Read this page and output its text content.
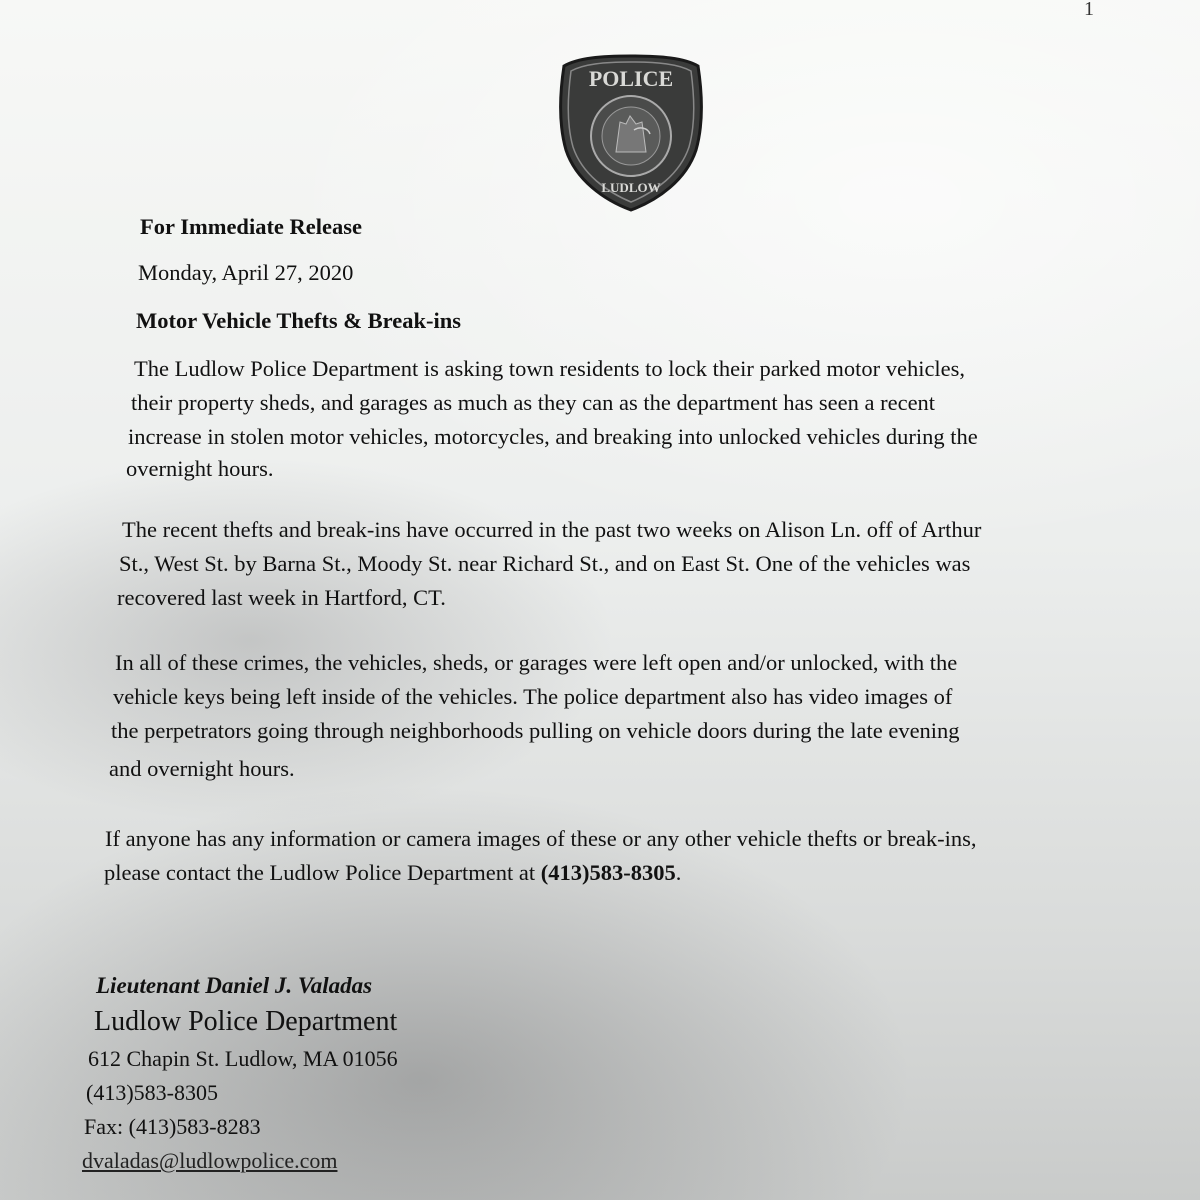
1
POLICE
LUDLOW
For Immediate Release
Monday, April 27, 2020
Motor Vehicle Thefts & Break-ins
The Ludlow Police Department is asking town residents to lock their parked motor vehicles,
their property sheds, and garages as much as they can as the department has seen a recent
increase in stolen motor vehicles, motorcycles, and breaking into unlocked vehicles during the
overnight hours.
The recent thefts and break-ins have occurred in the past two weeks on Alison Ln. off of Arthur
St., West St. by Barna St., Moody St. near Richard St., and on East St. One of the vehicles was
recovered last week in Hartford, CT.
In all of these crimes, the vehicles, sheds, or garages were left open and/or unlocked, with the
vehicle keys being left inside of the vehicles. The police department also has video images of
the perpetrators going through neighborhoods pulling on vehicle doors during the late evening
and overnight hours.
If anyone has any information or camera images of these or any other vehicle thefts or break-ins,
please contact the Ludlow Police Department at (413)583-8305.
Lieutenant Daniel J. Valadas
Ludlow Police Department
612 Chapin St. Ludlow, MA 01056
(413)583-8305
Fax: (413)583-8283
dvaladas@ludlowpolice.com
